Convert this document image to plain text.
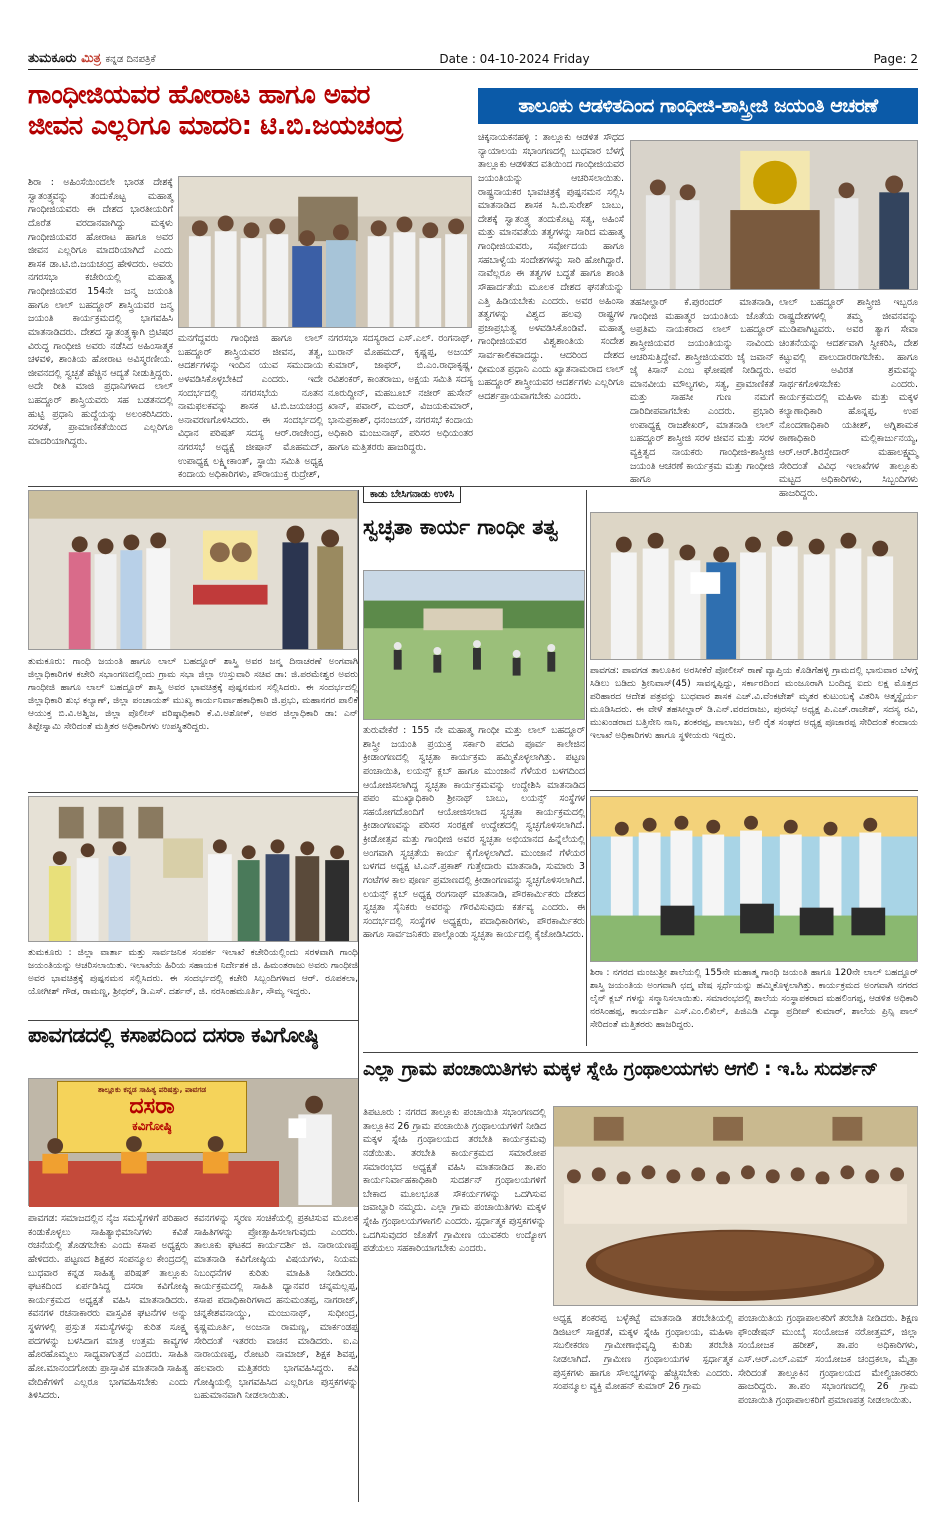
ತುಮಕೂರು ಮಿತ್ರ ಕನ್ನಡ ದಿನಪತ್ರಿಕೆ	Date : 04-10-2024 Friday	Page: 2
ಗಾಂಧೀಜಿಯವರ ಹೋರಾಟ ಹಾಗೂ ಅವರ
ಜೀವನ ಎಲ್ಲರಿಗೂ ಮಾದರಿ: ಟಿ.ಬಿ.ಜಯಚಂದ್ರ
ತಾಲೂಕು ಆಡಳಿತದಿಂದ ಗಾಂಧೀಜಿ-ಶಾಸ್ತ್ರೀಜಿ ಜಯಂತಿ ಆಚರಣೆ
ಶಿರಾ : ಅಹಿಂಸೆಯಿಂದಲೇ ಭಾರತ ದೇಶಕ್ಕೆ ಸ್ವಾತಂತ್ರ್ಯವನ್ನು ತಂದುಕೊಟ್ಟ ಮಹಾತ್ಮ ಗಾಂಧೀಜಿಯವರು ಈ ದೇಶದ ಭಾರತೀಯರಿಗೆ ದೊರೆತ ವರದಾನವಾಗಿದ್ದು ಮಕ್ಕಳು ಗಾಂಧೀಜಿಯವರ ಹೋರಾಟ ಹಾಗೂ ಅವರ ಜೀವನ ಎಲ್ಲರಿಗೂ ಮಾದರಿಯಾಗಿದೆ ಎಂದು ಶಾಸಕ ಡಾ.ಟಿ.ಬಿ.ಜಯಚಂದ್ರ ಹೇಳಿದರು. ಅವರು ನಗರಸಭಾ ಕಚೇರಿಯಲ್ಲಿ ಮಹಾತ್ಮ ಗಾಂಧೀಜಿಯವರ 154ನೇ ಜನ್ಮ ಜಯಂತಿ ಹಾಗೂ ಲಾಲ್ ಬಹದ್ದೂರ್ ಶಾಸ್ತ್ರಿಯವರ ಜನ್ಮ ಜಯಂತಿ ಕಾರ್ಯಕ್ರಮದಲ್ಲಿ ಭಾಗವಹಿಸಿ ಮಾತನಾಡಿದರು. ದೇಶದ ಸ್ವಾತಂತ್ರ್ಯಕ್ಕಾಗಿ ಬ್ರಿಟಿಷರ ವಿರುದ್ಧ ಗಾಂಧೀಜಿ ಅವರು ನಡೆಸಿದ ಅಹಿಂಸಾತ್ಮಕ ಚಳವಳಿ, ಶಾಂತಿಯ ಹೋರಾಟ ಅವಿಸ್ಮರಣೀಯ. ಜೀವನದಲ್ಲಿ ಸ್ವಚ್ಛತೆ ಹೆಚ್ಚಿನ ಆದ್ಯತೆ ನೀಡುತ್ತಿದ್ದರು. ಅದೇ ರೀತಿ ಮಾಜಿ ಪ್ರಧಾನಿಗಳಾದ ಲಾಲ್ ಬಹದ್ದೂರ್ ಶಾಸ್ತ್ರಿಯವರು ಸಹ ಬಡತನದಲ್ಲಿ ಹುಟ್ಟಿ ಪ್ರಧಾನಿ ಹುದ್ದೆಯನ್ನು ಅಲಂಕರಿಸಿದರು. ಸರಳತೆ, ಪ್ರಾಮಾಣಿಕತೆಯಿಂದ ಎಲ್ಲರಿಗೂ ಮಾದರಿಯಾಗಿದ್ದರು.
ಮನಗೆದ್ದವರು ಗಾಂಧೀಜಿ ಹಾಗೂ ಲಾಲ್ ಬಹದ್ದೂರ್ ಶಾಸ್ತ್ರಿಯವರ ಜೀವನ, ತತ್ವ, ಆದರ್ಶಗಳನ್ನು ಇಂದಿನ ಯುವ ಸಮುದಾಯ ಅಳವಡಿಸಿಕೊಳ್ಳಬೇಕಿದೆ ಎಂದರು. ಇದೇ ಸಂದರ್ಭದಲ್ಲಿ ನಗರಸಭೆಯ ನೂತನ ನಾಮಫಲಕವನ್ನು ಶಾಸಕ ಟಿ.ಬಿ.ಜಯಚಂದ್ರ ಅನಾವರಣಗೊಳಿಸಿದರು. ಈ ಸಂದರ್ಭದಲ್ಲಿ ವಿಧಾನ ಪರಿಷತ್ ಸದಸ್ಯ ಆರ್.ರಾಜೇಂದ್ರ, ನಗರಸಭೆ ಅಧ್ಯಕ್ಷೆ ಜೀಷಾನ್ ಮೊಹಮದ್, ಉಪಾಧ್ಯಕ್ಷ ಲಕ್ಷ್ಮೀಕಾಂತ್, ಸ್ಥಾಯಿ ಸಮಿತಿ ಅಧ್ಯಕ್ಷ ಕಂದಾಯ ಅಧಿಕಾರಿಗಳು, ಪೌರಾಯುಕ್ತ ರುದ್ರೇಶ್,
ನಗರಸಭಾ ಸದಸ್ಯರಾದ ಎಸ್.ಎಲ್. ರಂಗನಾಥ್, ಬುರಾನ್ ಮೊಹಮದ್, ಕೃಷ್ಣಪ್ಪ, ಅಜಯ್ ಕುಮಾರ್, ಜಾಫರ್, ಬಿ.ಎಂ.ರಾಧಾಕೃಷ್ಣ, ರವಿಶಂಕರ್, ಕಾಂತರಾಜು, ಅಕ್ಷಯ ಸಮಿತಿ ಸದಸ್ಯ ನೂರುದ್ದೀನ್, ಮಹಬೂಬ್ ನಜೀರ್ ಹುಸೇನ್ ಖಾನ್, ಪವಾರ್, ಮಜರ್, ವಿಜಯಕುಮಾರ್, ಭಾನುಪ್ರಕಾಶ್, ಧನಂಜಯ್, ನಗರಸಭೆ ಕಂದಾಯ ಅಧಿಕಾರಿ ಮಂಜುನಾಥ್, ಪರಿಸರ ಅಧಿಯಂತರ ಹಾಗೂ ಮತ್ತಿತರರು ಹಾಜರಿದ್ದರು.
ಚಿಕ್ಕನಾಯಕನಹಳ್ಳಿ : ತಾಲ್ಲೂಕು ಆಡಳಿತ ಸೌಧದ ನ್ಯಾಯಾಲಯ ಸಭಾಂಗಣದಲ್ಲಿ ಬುಧವಾರ ಬೆಳಗ್ಗೆ ತಾಲ್ಲೂಕು ಆಡಳಿತದ ವತಿಯಿಂದ ಗಾಂಧೀಜಿಯವರ ಜಯಂತಿಯನ್ನು ಆಚರಿಸಲಾಯಿತು. ರಾಷ್ಟ್ರನಾಯಕರ ಭಾವಚಿತ್ರಕ್ಕೆ ಪುಷ್ಪನಮನ ಸಲ್ಲಿಸಿ ಮಾತನಾಡಿದ ಶಾಸಕ ಸಿ.ಬಿ.ಸುರೇಶ್ ಬಾಬು, ದೇಶಕ್ಕೆ ಸ್ವಾತಂತ್ರ್ಯ ತಂದುಕೊಟ್ಟ ಸತ್ಯ, ಅಹಿಂಸೆ ಮತ್ತು ಮಾನವತೆಯ ತತ್ವಗಳನ್ನು ಸಾರಿದ ಮಹಾತ್ಮ ಗಾಂಧೀಜಿಯವರು, ಸರ್ವೋದಯ ಹಾಗೂ ಸಹಬಾಳ್ವೆಯ ಸಂದೇಶಗಳನ್ನು ಸಾರಿ ಹೋಗಿದ್ದಾರೆ. ನಾವೆಲ್ಲರೂ ಈ ತತ್ವಗಳ ಬದ್ಧತೆ ಹಾಗೂ ಶಾಂತಿ ಸೌಹಾರ್ದತೆಯ ಮೂಲಕ ದೇಶದ ಘನತೆಯನ್ನು ಎತ್ತಿ ಹಿಡಿಯಬೇಕು ಎಂದರು. ಅವರ ಅಹಿಂಸಾ ತತ್ವಗಳನ್ನು ವಿಶ್ವದ ಹಲವು ರಾಷ್ಟ್ರಗಳ ಪ್ರಜಾಪ್ರಭುತ್ವ ಅಳವಡಿಸಿಕೊಂಡಿವೆ. ಮಹಾತ್ಮ ಗಾಂಧೀಜಿಯವರ ವಿಶ್ವಶಾಂತಿಯ ಸಂದೇಶ ಸಾರ್ವಕಾಲಿಕವಾದದ್ದು. ಆದರಿಂದ ದೇಶದ ಧೀಮಂತ ಪ್ರಧಾನಿ ಎಂದು ಖ್ಯಾತನಾಮರಾದ ಲಾಲ್ ಬಹದ್ದೂರ್ ಶಾಸ್ತ್ರೀಯವರ ಆದರ್ಶಗಳು ಎಲ್ಲರಿಗೂ ಆದರ್ಶಪ್ರಾಯವಾಗಬೇಕು ಎಂದರು.
ತಹಸೀಲ್ದಾರ್ ಕೆ.ಪುರಂದರ್ ಮಾತನಾಡಿ, ಗಾಂಧೀಜಿ ಮಹಾತ್ಮರ ಜಯಂತಿಯ ಜೊತೆಯ ಅಪ್ರತಿಮ ನಾಯಕರಾದ ಲಾಲ್ ಬಹದ್ದೂರ್ ಶಾಸ್ತ್ರೀಜಿಯವರ ಜಯಂತಿಯನ್ನು ನಾವಿಂದು ಆಚರಿಸುತ್ತಿದ್ದೇವೆ. ಶಾಸ್ತ್ರೀಜಿಯವರು ಜೈ ಜವಾನ್ ಜೈ ಕಿಸಾನ್ ಎಂಬ ಘೋಷಣೆ ನೀಡಿದ್ದರು. ಮಾನವೀಯ ಮೌಲ್ಯಗಳು, ಸತ್ಯ, ಪ್ರಾಮಾಣಿಕತೆ ಮತ್ತು ಸಾಹಸೀ ಗುಣ ನಮಗೆ ದಾರಿದೀಪವಾಗಬೇಕು ಎಂದರು. ಪ್ರಭಾರಿ ಉಪಾಧ್ಯಕ್ಷ ರಾಜಶೇಖರ್, ಮಾತನಾಡಿ ಲಾಲ್ ಬಹದ್ದೂರ್ ಶಾಸ್ತ್ರೀಜಿ ಸರಳ ಜೀವನ ಮತ್ತು ಸರಳ ವ್ಯಕ್ತಿತ್ವದ ನಾಯಕರು ಗಾಂಧೀಜಿ-ಶಾಸ್ತ್ರೀಜಿ ಜಯಂತಿ ಆಚರಣೆ ಕಾರ್ಯಕ್ರಮ ಮತ್ತು ಗಾಂಧೀಜಿ ಹಾಗೂ
ಲಾಲ್ ಬಹದ್ದೂರ್ ಶಾಸ್ತ್ರೀಜಿ ಇಬ್ಬರೂ ರಾಷ್ಟ್ರದೇಶಗಳಲ್ಲಿ ತಮ್ಮ ಜೀವನವನ್ನು ಮುಡಿಪಾಗಿಟ್ಟವರು. ಅವರ ತ್ಯಾಗ ಸೇವಾ ಚಿಂತನೆಯನ್ನು ಆದರ್ಶವಾಗಿ ಸ್ವೀಕರಿಸಿ, ದೇಶ ಕಟ್ಟುವಲ್ಲಿ ಪಾಲುದಾರರಾಗಬೇಕು. ಹಾಗೂ ಅವರ ಅವಿರತ ಶ್ರಮವನ್ನು ಸಾರ್ಥಕಗೊಳಿಸಬೇಕು ಎಂದರು. ಕಾರ್ಯಕ್ರಮದಲ್ಲಿ ಮಹಿಳಾ ಮತ್ತು ಮಕ್ಕಳ ಕಲ್ಯಾಣಾಧಿಕಾರಿ ಹೊನ್ನಪ್ಪ, ಉಪ ನೊಂದಣಾಧಿಕಾರಿ ಯತೀಶ್, ಅಗ್ನಿಶಾಮಕ ಠಾಣಾಧಿಕಾರಿ ಮಲ್ಲಿಕಾರ್ಜುನಯ್ಯ, ಆರ್.ಆರ್.ಶಿರಸ್ತೇದಾರ್ ಮಹಾಲಕ್ಷ್ಮಮ್ಮ ಸೇರಿದಂತೆ ವಿವಿಧ ಇಲಾಖೆಗಳ ತಾಲ್ಲೂಕು ಮಟ್ಟದ ಅಧಿಕಾರಿಗಳು, ಸಿಬ್ಬಂದಿಗಳು ಹಾಜರಿದ್ದರು.
ತುಮಕೂರು: ಗಾಂಧಿ ಜಯಂತಿ ಹಾಗೂ ಲಾಲ್ ಬಹದ್ದೂರ್ ಶಾಸ್ತ್ರಿ ಅವರ ಜನ್ಮ ದಿನಾಚರಣೆ ಅಂಗವಾಗಿ ಜಿಲ್ಲಾಧಿಕಾರಿಗಳ ಕಚೇರಿ ಸಭಾಂಗಣದಲ್ಲಿಂದು ಗ್ರಾಮ ಸಭಾ ಜಿಲ್ಲಾ ಉಸ್ತುವಾರಿ ಸಚಿವ ಡಾ: ಜಿ.ಪರಮೇಶ್ವರ ಅವರು ಗಾಂಧೀಜಿ ಹಾಗೂ ಲಾಲ್ ಬಹದ್ದೂರ್ ಶಾಸ್ತ್ರಿ ಅವರ ಭಾವಚಿತ್ರಕ್ಕೆ ಪುಷ್ಪನಮನ ಸಲ್ಲಿಸಿದರು. ಈ ಸಂದರ್ಭದಲ್ಲಿ ಜಿಲ್ಲಾಧಿಕಾರಿ ಶುಭ ಕಲ್ಯಾಣ್, ಜಿಲ್ಲಾ ಪಂಚಾಯತ್ ಮುಖ್ಯ ಕಾರ್ಯನಿರ್ವಾಹಕಾಧಿಕಾರಿ ಜಿ.ಪ್ರಭು, ಮಹಾನಗರ ಪಾಲಿಕೆ ಆಯುಕ್ತ ಬಿ.ವಿ.ಅಶ್ವಿಜ, ಜಿಲ್ಲಾ ಪೊಲೀಸ್ ವರಿಷ್ಠಾಧಿಕಾರಿ ಕೆ.ವಿ.ಅಶೋಕ್, ಅಪರ ಜಿಲ್ಲಾಧಿಕಾರಿ ಡಾ: ಎನ್ ತಿಪ್ಪೇಸ್ವಾಮಿ ಸೇರಿದಂತೆ ಮತ್ತಿತರ ಅಧಿಕಾರಿಗಳು ಉಪಸ್ಥಿತರಿದ್ದರು.
ಕಾಡು ಬೇಸಿಗನಾಡು ಉಳಿಸಿ
ಸ್ವಚ್ಛತಾ ಕಾರ್ಯ ಗಾಂಧೀ ತತ್ವ
ತುರುವೇಕೆರೆ : 155 ನೇ ಮಹಾತ್ಮ ಗಾಂಧೀ ಮತ್ತು ಲಾಲ್ ಬಹದ್ದೂರ್ ಶಾಸ್ತ್ರೀ ಜಯಂತಿ ಪ್ರಯುಕ್ತ ಸರ್ಕಾರಿ ಪದವಿ ಪೂರ್ವ ಕಾಲೇಜಿನ ಕ್ರೀಡಾಂಗಣದಲ್ಲಿ ಸ್ವಚ್ಛತಾ ಕಾರ್ಯಕ್ರಮ ಹಮ್ಮಿಕೊಳ್ಳಲಾಗಿತ್ತು. ಪಟ್ಟಣ ಪಂಚಾಯಿತಿ, ಲಯನ್ಸ್ ಕ್ಲಬ್ ಹಾಗೂ ಮುಂಜಾನೆ ಗೆಳೆಯರ ಬಳಗದಿಂದ ಆಯೋಜಿಸಲಾಗಿದ್ದ ಸ್ವಚ್ಛತಾ ಕಾರ್ಯಕ್ರಮವನ್ನು ಉದ್ದೇಶಿಸಿ ಮಾತನಾಡಿದ ಪಪಂ ಮುಖ್ಯಾಧಿಕಾರಿ ಶ್ರೀನಾಥ್ ಬಾಬು, ಲಯನ್ಸ್ ಸಂಸ್ಥೆಗಳ ಸಹಯೋಗದೊಂದಿಗೆ ಆಯೋಜಿಸಲಾದ ಸ್ವಚ್ಛತಾ ಕಾರ್ಯಕ್ರಮದಲ್ಲಿ ಕ್ರೀಡಾಂಗಣವನ್ನು ಪರಿಸರ ಸಂರಕ್ಷಣೆ ಉದ್ದೇಶದಲ್ಲಿ ಸ್ವಚ್ಛಗೊಳಿಸಲಾಗಿದೆ. ಕ್ರೀಡೋತ್ಸವ ಮತ್ತು ಗಾಂಧೀಜಿ ಅವರ ಸ್ವಚ್ಛತಾ ಅಭಿಯಾನದ ಹಿನ್ನೆಲೆಯಲ್ಲಿ ಅಂಗವಾಗಿ ಸ್ವಚ್ಛತೆಯ ಕಾರ್ಯ ಕೈಗೊಳ್ಳಲಾಗಿದೆ. ಮುಂಜಾನೆ ಗೆಳೆಯರ ಬಳಗದ ಅಧ್ಯಕ್ಷ ಟಿ.ಎನ್.ಪ್ರಕಾಶ್ ಗುತ್ತೇದಾರು ಮಾತನಾಡಿ, ಸುಮಾರು 3 ಗಂಟೆಗಳ ಕಾಲ ಪೂರ್ಣ ಪ್ರಮಾಣದಲ್ಲಿ ಕ್ರೀಡಾಂಗಣವನ್ನು ಸ್ವಚ್ಛಗೊಳಿಸಲಾಗಿದೆ. ಲಯನ್ಸ್ ಕ್ಲಬ್ ಅಧ್ಯಕ್ಷ ರಂಗನಾಥ್ ಮಾತನಾಡಿ, ಪೌರಕಾರ್ಮಿಕರು ದೇಶದ ಸ್ವಚ್ಛತಾ ಸೈನಿಕರು ಅವರನ್ನು ಗೌರವಿಸುವುದು ಕರ್ತವ್ಯ ಎಂದರು. ಈ ಸಂದರ್ಭದಲ್ಲಿ ಸಂಸ್ಥೆಗಳ ಅಧ್ಯಕ್ಷರು, ಪದಾಧಿಕಾರಿಗಳು, ಪೌರಕಾರ್ಮಿಕರು ಹಾಗೂ ಸಾರ್ವಜನಿಕರು ಪಾಲ್ಗೊಂಡು ಸ್ವಚ್ಛತಾ ಕಾರ್ಯದಲ್ಲಿ ಕೈಜೋಡಿಸಿದರು.
ಪಾವಗಡ: ಪಾವಗಡ ತಾಲೂಕಿನ ಅರಸೀಕೆರೆ ಪೋಲೀಸ್ ಠಾಣೆ ವ್ಯಾಪ್ತಿಯ ಕೊಡಿಗೆಹಳ್ಳಿ ಗ್ರಾಮದಲ್ಲಿ ಭಾನುವಾರ ಬೆಳಗ್ಗೆ ಸಿಡಿಲು ಬಡಿದು ಶ್ರೀನಿವಾಸ್(45) ಸಾವನ್ನಪ್ಪಿದ್ದು, ಸರ್ಕಾರದಿಂದ ಮಂಜೂರಾಗಿ ಬಂದಿದ್ದ ಐದು ಲಕ್ಷ ಮೊತ್ತದ ಪರಿಹಾರದ ಆದೇಶ ಪತ್ರವನ್ನು ಬುಧವಾರ ಶಾಸಕ ಎಚ್.ವಿ.ವೆಂಕಟೇಶ್ ಮೃತರ ಕುಟುಂಬಕ್ಕೆ ವಿತರಿಸಿ ಆತ್ಮಸ್ಥೈರ್ಯ ಮೂಡಿಸಿದರು. ಈ ವೇಳೆ ತಹಸೀಲ್ದಾರ್ ಡಿ.ಎನ್.ವರದರಾಜು, ಪುರಸಭೆ ಅಧ್ಯಕ್ಷ ಪಿ.ಎಚ್.ರಾಜೇಶ್, ಸದಸ್ಯ ರವಿ, ಮುಖಂಡರಾದ ಬತ್ತಿನೇನಿ ನಾನಿ, ಶಂಕರಪ್ಪ, ಪಾಲಾಜು, ಆಲಿ ರೈತ ಸಂಘದ ಅಧ್ಯಕ್ಷ ಪೂಜಾರಪ್ಪ ಸೇರಿದಂತೆ ಕಂದಾಯ ಇಲಾಖೆ ಅಧಿಕಾರಿಗಳು ಹಾಗೂ ಸ್ಥಳೀಯರು ಇದ್ದರು.
ತುಮಕೂರು : ಜಿಲ್ಲಾ ವಾರ್ತಾ ಮತ್ತು ಸಾರ್ವಜನಿಕ ಸಂಪರ್ಕ ಇಲಾಖೆ ಕಚೇರಿಯಲ್ಲಿಂದು ಸರಳವಾಗಿ ಗಾಂಧಿ ಜಯಂತಿಯನ್ನು ಆಚರಿಸಲಾಯಿತು. ಇಲಾಖೆಯ ಹಿರಿಯ ಸಹಾಯಕ ನಿರ್ದೇಶಕ ಜಿ. ಹಿಮಂತರಾಜು ಅವರು ಗಾಂಧೀಜಿ ಅವರ ಭಾವಚಿತ್ರಕ್ಕೆ ಪುಷ್ಪನಮನ ಸಲ್ಲಿಸಿದರು. ಈ ಸಂದರ್ಭದಲ್ಲಿ ಕಚೇರಿ ಸಿಬ್ಬಂದಿಗಳಾದ ಆರ್. ರೂಪಕಲಾ, ಯೋಗೀಶ್ ಗೌಡ, ರಾಮಣ್ಣ, ಶ್ರೀಧರ್, ಡಿ.ಎಸ್. ದರ್ಶನ್, ಜಿ. ನರಸಿಂಹಮೂರ್ತಿ, ಸೌಮ್ಯ ಇದ್ದರು.
ಶಿರಾ : ನಗರದ ಮಂಜುಶ್ರೀ ಶಾಲೆಯಲ್ಲಿ 155ನೇ ಮಹಾತ್ಮ ಗಾಂಧಿ ಜಯಂತಿ ಹಾಗೂ 120ನೇ ಲಾಲ್ ಬಹದ್ದೂರ್ ಶಾಸ್ತ್ರಿ ಜಯಂತಿಯ ಅಂಗವಾಗಿ ಛದ್ಮ ವೇಷ ಸ್ಪರ್ಧೆಯನ್ನು ಹಮ್ಮಿಕೊಳ್ಳಲಾಗಿತ್ತು. ಕಾರ್ಯಕ್ರಮದ ಅಂಗವಾಗಿ ನಗರದ ಲೈನ್ ಕ್ಲಬ್ ಗಳನ್ನು ಸನ್ಮಾನಿಸಲಾಯಿತು. ಸಮಾರಂಭದಲ್ಲಿ ಶಾಲೆಯ ಸಂಸ್ಥಾಪಕರಾದ ಮಹಲಿಂಗಪ್ಪ, ಆಡಳಿತ ಅಧಿಕಾರಿ ನರಸಿಂಹಪ್ಪ, ಕಾರ್ಯದರ್ಶಿ ಎಸ್.ಎಂ.ಲಿಖಿಲ್, ಪಿಜಿಎಡಿ ವಿದ್ಯಾ ಪ್ರದೀಪ್ ಕುಮಾರ್, ಶಾಲೆಯ ಪ್ರಿನ್ಸಿ ಪಾಲ್ ಸೇರಿದಂತೆ ಮತ್ತಿತರರು ಹಾಜರಿದ್ದರು.
ಪಾವಗಡದಲ್ಲಿ ಕಸಾಪದಿಂದ ದಸರಾ ಕವಿಗೋಷ್ಠಿ
ತಾಲ್ಲೂಕು ಕನ್ನಡ ಸಾಹಿತ್ಯ ಪರಿಷತ್ತು, ಪಾವಗಡ
ದಸರಾ
ಕವಿಗೋಷ್ಠಿ
ಪಾವಗಡ: ಸಮಾಜದಲ್ಲಿನ ನೈಜ ಸಮಸ್ಯೆಗಳಿಗೆ ಪರಿಹಾರ ಕಂಡುಕೊಳ್ಳಲು ಸಾಹಿತ್ಯಾಭಿಮಾನಿಗಳು ಕವಿತೆ ರಚನೆಯಲ್ಲಿ ತೊಡಗಬೇಕು ಎಂದು ಕಸಾಪ ಅಧ್ಯಕ್ಷರು ಹೇಳಿದರು. ಪಟ್ಟಣದ ಶಿಕ್ಷಕರ ಸಂಪನ್ಮೂಲ ಕೇಂದ್ರದಲ್ಲಿ ಬುಧವಾರ ಕನ್ನಡ ಸಾಹಿತ್ಯ ಪರಿಷತ್ ತಾಲ್ಲೂಕು ಘಟಕದಿಂದ ಏರ್ಪಡಿಸಿದ್ದ ದಸರಾ ಕವಿಗೋಷ್ಠಿ ಕಾರ್ಯಕ್ರಮದ ಅಧ್ಯಕ್ಷತೆ ವಹಿಸಿ ಮಾತನಾಡಿದರು. ಕವನಗಳ ರಚನಾಕಾರರು ವಾಸ್ತವಿಕ ಘಟನೆಗಳ ಅನ್ನು ಸ್ಥಳಗಳಲ್ಲಿ ಪ್ರಸ್ತುತ ಸಮಸ್ಯೆಗಳನ್ನು ಕುರಿತ ಸೂಕ್ಷ್ಮ ಪದಗಳನ್ನು ಬಳಸಿದಾಗ ಮಾತ್ರ ಉತ್ತಮ ಕಾವ್ಯಗಳ ಹೊರಹೊಮ್ಮಲು ಸಾಧ್ಯವಾಗುತ್ತದೆ ಎಂದರು. ಸಾಹಿತಿ ಹೋ.ಮಾನಂದಗೋಡು ಪ್ರಾಸ್ತಾವಿಕ ಮಾತನಾಡಿ ಸಾಹಿತ್ಯ ವೇದಿಕೆಗಳಿಗೆ ಎಲ್ಲರೂ ಭಾಗವಹಿಸಬೇಕು ಎಂದು ತಿಳಿಸಿದರು.
ಕವನಗಳನ್ನು ಸ್ಮರಣ ಸಂಚಿಕೆಯಲ್ಲಿ ಪ್ರಕಟಿಸುವ ಮೂಲಕ ಸಾಹಿತಿಗಳನ್ನು ಪ್ರೋತ್ಸಾಹಿಸಲಾಗುವುದು ಎಂದರು. ತಾಲೂಕು ಘಟಕದ ಕಾರ್ಯದರ್ಶಿ ಜಿ. ನಾರಾಯಣಪ್ಪ ಮಾತನಾಡಿ ಕವಿಗೋಷ್ಠಿಯ ವಿಷಯಗಳು, ನಿಯಮ ನಿಬಂಧನೆಗಳ ಕುರಿತು ಮಾಹಿತಿ ನೀಡಿದರು. ಕಾರ್ಯಕ್ರಮದಲ್ಲಿ ಸಾಹಿತಿ ಧ್ಯಾನವರ ಚನ್ನಮಲ್ಲಪ್ಪ, ಕಸಾಪ ಪದಾಧಿಕಾರಿಗಳಾದ ಹನುಮಂತಪ್ಪ, ನಾಗರಾಜ್, ಚನ್ನಕೇಶವನಾಯ್ಡು, ಮಂಜುನಾಥ್, ಸುಧೀಂದ್ರ, ಕೃಷ್ಣಮೂರ್ತಿ, ಅಂಜನಾ ರಾಮಣ್ಣ, ಮಾರ್ಕಂಡಪ್ಪ ಸೇರಿದಂತೆ ಇತರರು ವಾಚನ ಮಾಡಿದರು. ಐ.ಎ ನಾರಾಯಣಪ್ಪ, ರೋಟರಿ ನಾಮಾಜ್, ಶಿಕ್ಷಕ ಶಿವಪ್ಪ, ಹಲವಾರು ಮತ್ತಿತರರು ಭಾಗವಹಿಸಿದ್ದರು. ಕವಿ ಗೋಷ್ಠಿಯಲ್ಲಿ ಭಾಗವಹಿಸಿದ ಎಲ್ಲರಿಗೂ ಪುಸ್ತಕಗಳನ್ನು ಬಹುಮಾನವಾಗಿ ನೀಡಲಾಯಿತು.
ಎಲ್ಲಾ ಗ್ರಾಮ ಪಂಚಾಯಿತಿಗಳು ಮಕ್ಕಳ ಸ್ನೇಹಿ ಗ್ರಂಥಾಲಯಗಳು ಆಗಲಿ : ಇ.ಓ ಸುದರ್ಶನ್
ತಿಪಟೂರು : ನಗರದ ತಾಲ್ಲೂಕು ಪಂಚಾಯಿತಿ ಸಭಾಂಗಣದಲ್ಲಿ ತಾಲ್ಲೂಕಿನ 26 ಗ್ರಾಮ ಪಂಚಾಯಿತಿ ಗ್ರಂಥಾಲಯಗಳಿಗೆ ನೀಡಿದ ಮಕ್ಕಳ ಸ್ನೇಹಿ ಗ್ರಂಥಾಲಯದ ತರಬೇತಿ ಕಾರ್ಯಕ್ರಮವು ನಡೆಯಿತು. ತರಬೇತಿ ಕಾರ್ಯಕ್ರಮದ ಸಮಾರೋಪ ಸಮಾರಂಭದ ಅಧ್ಯಕ್ಷತೆ ವಹಿಸಿ ಮಾತನಾಡಿದ ತಾ.ಪಂ ಕಾರ್ಯನಿರ್ವಾಹಕಾಧಿಕಾರಿ ಸುದರ್ಶನ್ ಗ್ರಂಥಾಲಯಗಳಿಗೆ ಬೇಕಾದ ಮೂಲಭೂತ ಸೌಕರ್ಯಗಳನ್ನು ಒದಗಿಸುವ ಜವಾಬ್ದಾರಿ ನಮ್ಮದು. ಎಲ್ಲಾ ಗ್ರಾಮ ಪಂಚಾಯಿತಿಗಳು ಮಕ್ಕಳ ಸ್ನೇಹಿ ಗ್ರಂಥಾಲಯಗಳಾಗಲಿ ಎಂದರು. ಸ್ಪರ್ಧಾತ್ಮಕ ಪುಸ್ತಕಗಳನ್ನು ಒದಗಿಸುವುದರ ಜೊತೆಗೆ ಗ್ರಾಮೀಣ ಯುವಕರು ಉದ್ಯೋಗ ಪಡೆಯಲು ಸಹಕಾರಿಯಾಗಬೇಕು ಎಂದರು.
ಅಧ್ಯಕ್ಷ ಶಂಕರಪ್ಪ ಬಳ್ಳೆಕಟ್ಟೆ ಮಾತನಾಡಿ ತರಬೇತಿಯಲ್ಲಿ ಡಿಜಿಟಲ್ ಸಾಕ್ಷರತೆ, ಮಕ್ಕಳ ಸ್ನೇಹಿ ಗ್ರಂಥಾಲಯ, ಮಹಿಳಾ ಸಬಲೀಕರಣ ಗ್ರಾಮೀಣಾಭಿವೃದ್ಧಿ ಕುರಿತು ತರಬೇತಿ ನೀಡಲಾಗಿದೆ. ಗ್ರಾಮೀಣ ಗ್ರಂಥಾಲಯಗಳ ಸ್ಪರ್ಧಾತ್ಮಕ ಪುಸ್ತಕಗಳು ಹಾಗೂ ಸೌಲಭ್ಯಗಳನ್ನು ಹೆಚ್ಚಿಸಬೇಕು ಎಂದರು. ಸಂಪನ್ಮೂಲ ವ್ಯಕ್ತಿ ಮೋಹನ್ ಕುಮಾರ್ 26 ಗ್ರಾಮ
ಪಂಚಾಯಿತಿಯ ಗ್ರಂಥಾಪಾಲಕರಿಗೆ ತರಬೇತಿ ನೀಡಿದರು. ಶಿಕ್ಷಣ ಫೌಂಡೇಷನ್ ಮುಂಬೈ ಸಂಯೋಜಕ ನರೋತ್ತಮ್, ಜಿಲ್ಲಾ ಸಂಯೋಜಕ ಹರೀಶ್, ತಾ.ಪಂ ಅಧಿಕಾರಿಗಳು, ಎಸ್.ಆರ್.ಎಲ್.ಎಮ್ ಸಂಯೋಜಕ ಚಂದ್ರಕಲಾ, ಮೈತ್ರಾ ಸೇರಿದಂತೆ ತಾಲ್ಲೂಕಿನ ಗ್ರಂಥಾಲಯದ ಮೇಲ್ವಿಚಾರಕರು ಹಾಜರಿದ್ದರು. ತಾ.ಪಂ ಸಭಾಂಗಣದಲ್ಲಿ 26 ಗ್ರಾಮ ಪಂಚಾಯಿತಿ ಗ್ರಂಥಾಪಾಲಕರಿಗೆ ಪ್ರಮಾಣಪತ್ರ ನೀಡಲಾಯಿತು.
